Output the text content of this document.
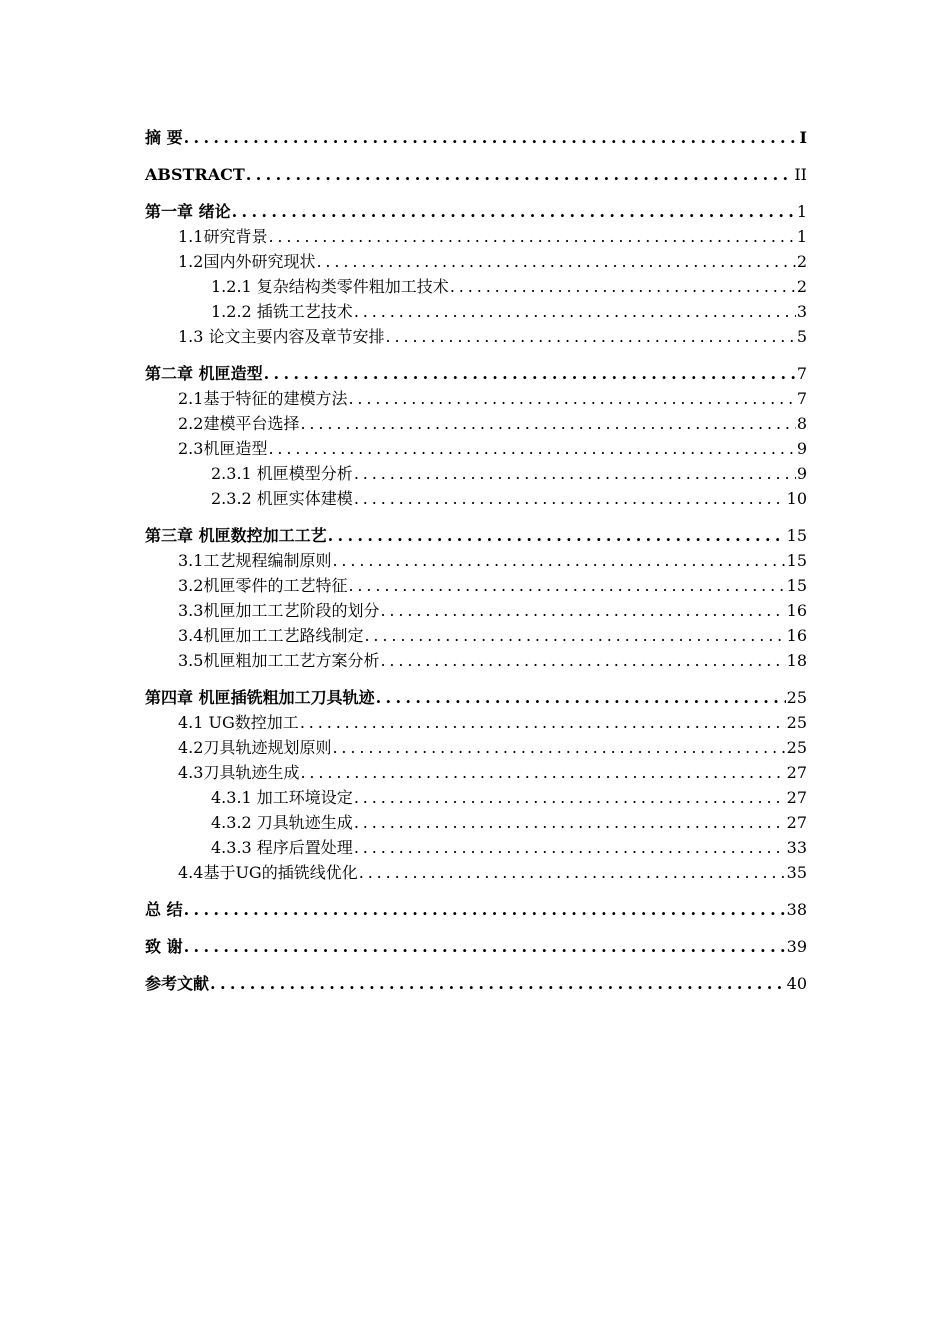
摘 要 . . .	I
ABSTRACT . . .	II
第一章 绪论 . . .	1
1.1研究背景 . . .	1
1.2国内外研究现状 . . .	2
1.2.1 复杂结构类零件粗加工技术 . . .	2
1.2.2 插铣工艺技术 . . .	3
1.3 论文主要内容及章节安排 . . .	5
第二章 机匣造型 . . .	7
2.1基于特征的建模方法 . . .	7
2.2建模平台选择 . . .	8
2.3机匣造型 . . .	9
2.3.1 机匣模型分析 . . .	9
2.3.2 机匣实体建模 . . .	10
第三章 机匣数控加工工艺 . . .	15
3.1工艺规程编制原则 . . .	15
3.2机匣零件的工艺特征 . . .	15
3.3机匣加工工艺阶段的划分 . . .	16
3.4机匣加工工艺路线制定 . . .	16
3.5机匣粗加工工艺方案分析 . . .	18
第四章 机匣插铣粗加工刀具轨迹 . . .	25
4.1 UG数控加工 . . .	25
4.2刀具轨迹规划原则 . . .	25
4.3刀具轨迹生成 . . .	27
4.3.1 加工环境设定 . . .	27
4.3.2 刀具轨迹生成 . . .	27
4.3.3 程序后置处理 . . .	33
4.4基于UG的插铣线优化 . . .	35
总 结 . . .	38
致 谢 . . .	39
参考文献 . . .	40
